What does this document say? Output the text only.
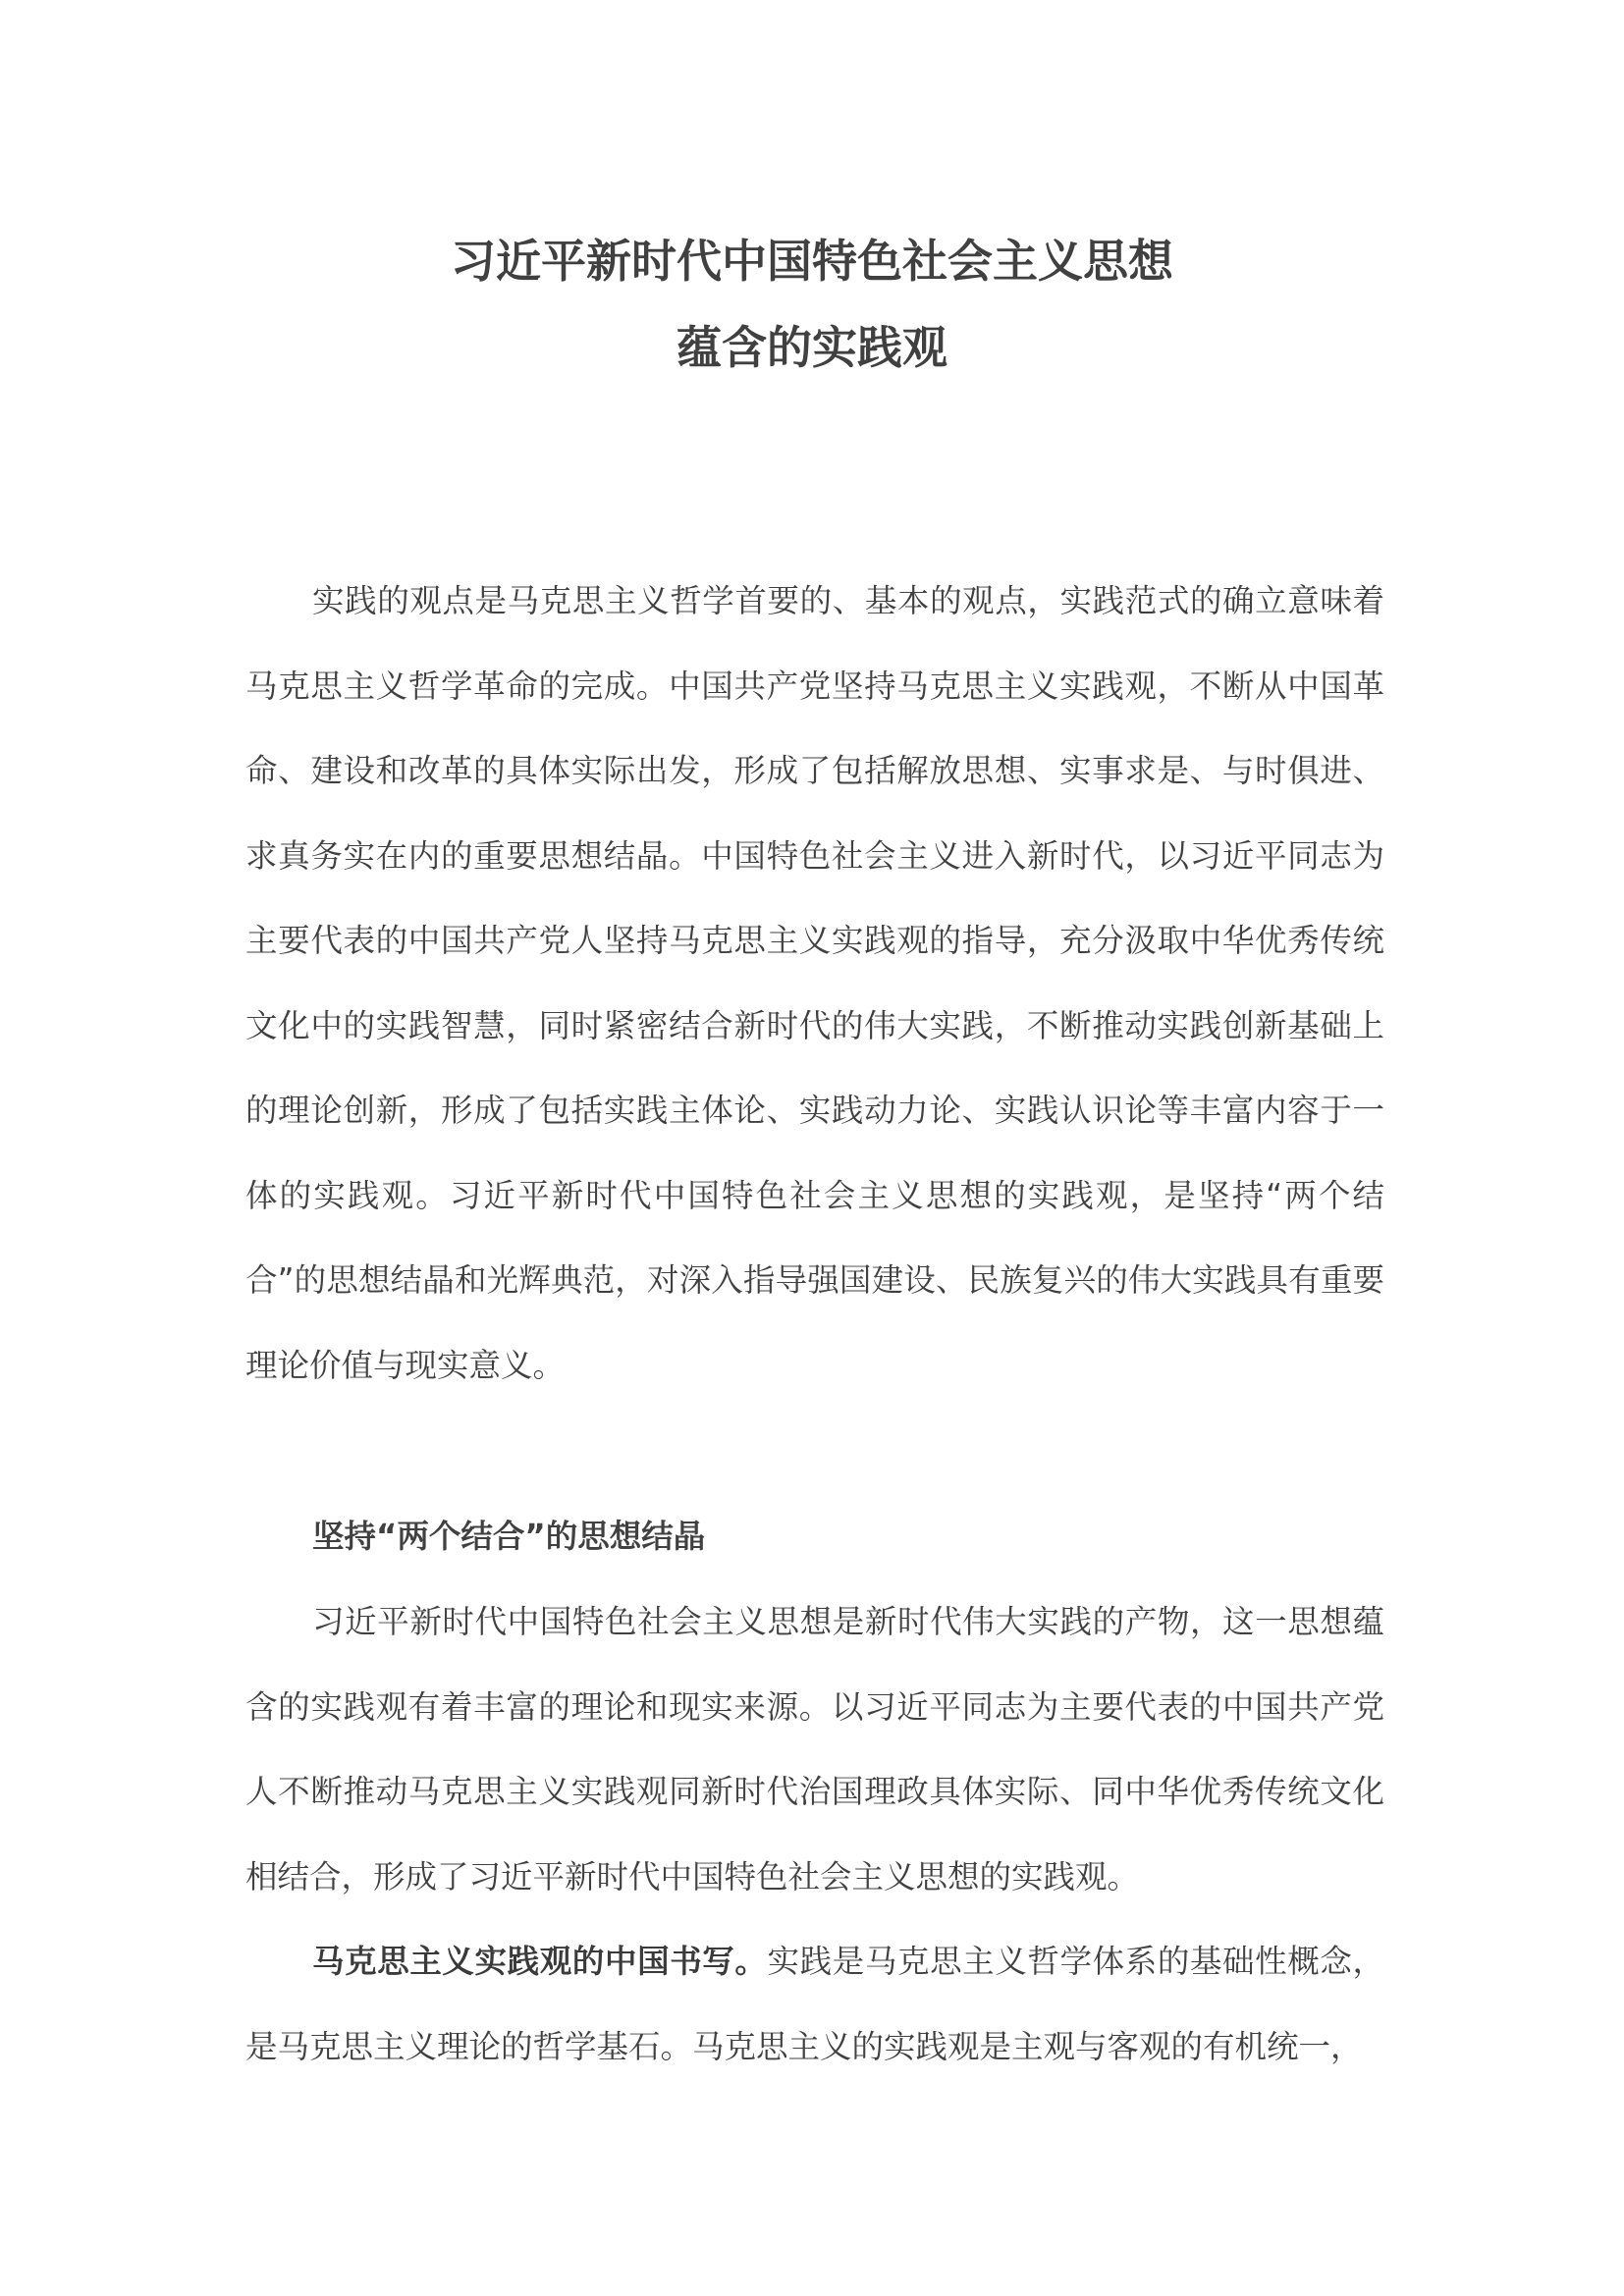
习近平新时代中国特色社会主义思想
蕴含的实践观

实践的观点是马克思主义哲学首要的、基本的观点，实践范式的确立意味着马克思主义哲学革命的完成。中国共产党坚持马克思主义实践观，不断从中国革命、建设和改革的具体实际出发，形成了包括解放思想、实事求是、与时俱进、求真务实在内的重要思想结晶。中国特色社会主义进入新时代，以习近平同志为主要代表的中国共产党人坚持马克思主义实践观的指导，充分汲取中华优秀传统文化中的实践智慧，同时紧密结合新时代的伟大实践，不断推动实践创新基础上的理论创新，形成了包括实践主体论、实践动力论、实践认识论等丰富内容于一体的实践观。习近平新时代中国特色社会主义思想的实践观，是坚持“两个结合”的思想结晶和光辉典范，对深入指导强国建设、民族复兴的伟大实践具有重要理论价值与现实意义。

坚持“两个结合”的思想结晶

习近平新时代中国特色社会主义思想是新时代伟大实践的产物，这一思想蕴含的实践观有着丰富的理论和现实来源。以习近平同志为主要代表的中国共产党人不断推动马克思主义实践观同新时代治国理政具体实际、同中华优秀传统文化相结合，形成了习近平新时代中国特色社会主义思想的实践观。

马克思主义实践观的中国书写。实践是马克思主义哲学体系的基础性概念，是马克思主义理论的哲学基石。马克思主义的实践观是主观与客观的有机统一，
